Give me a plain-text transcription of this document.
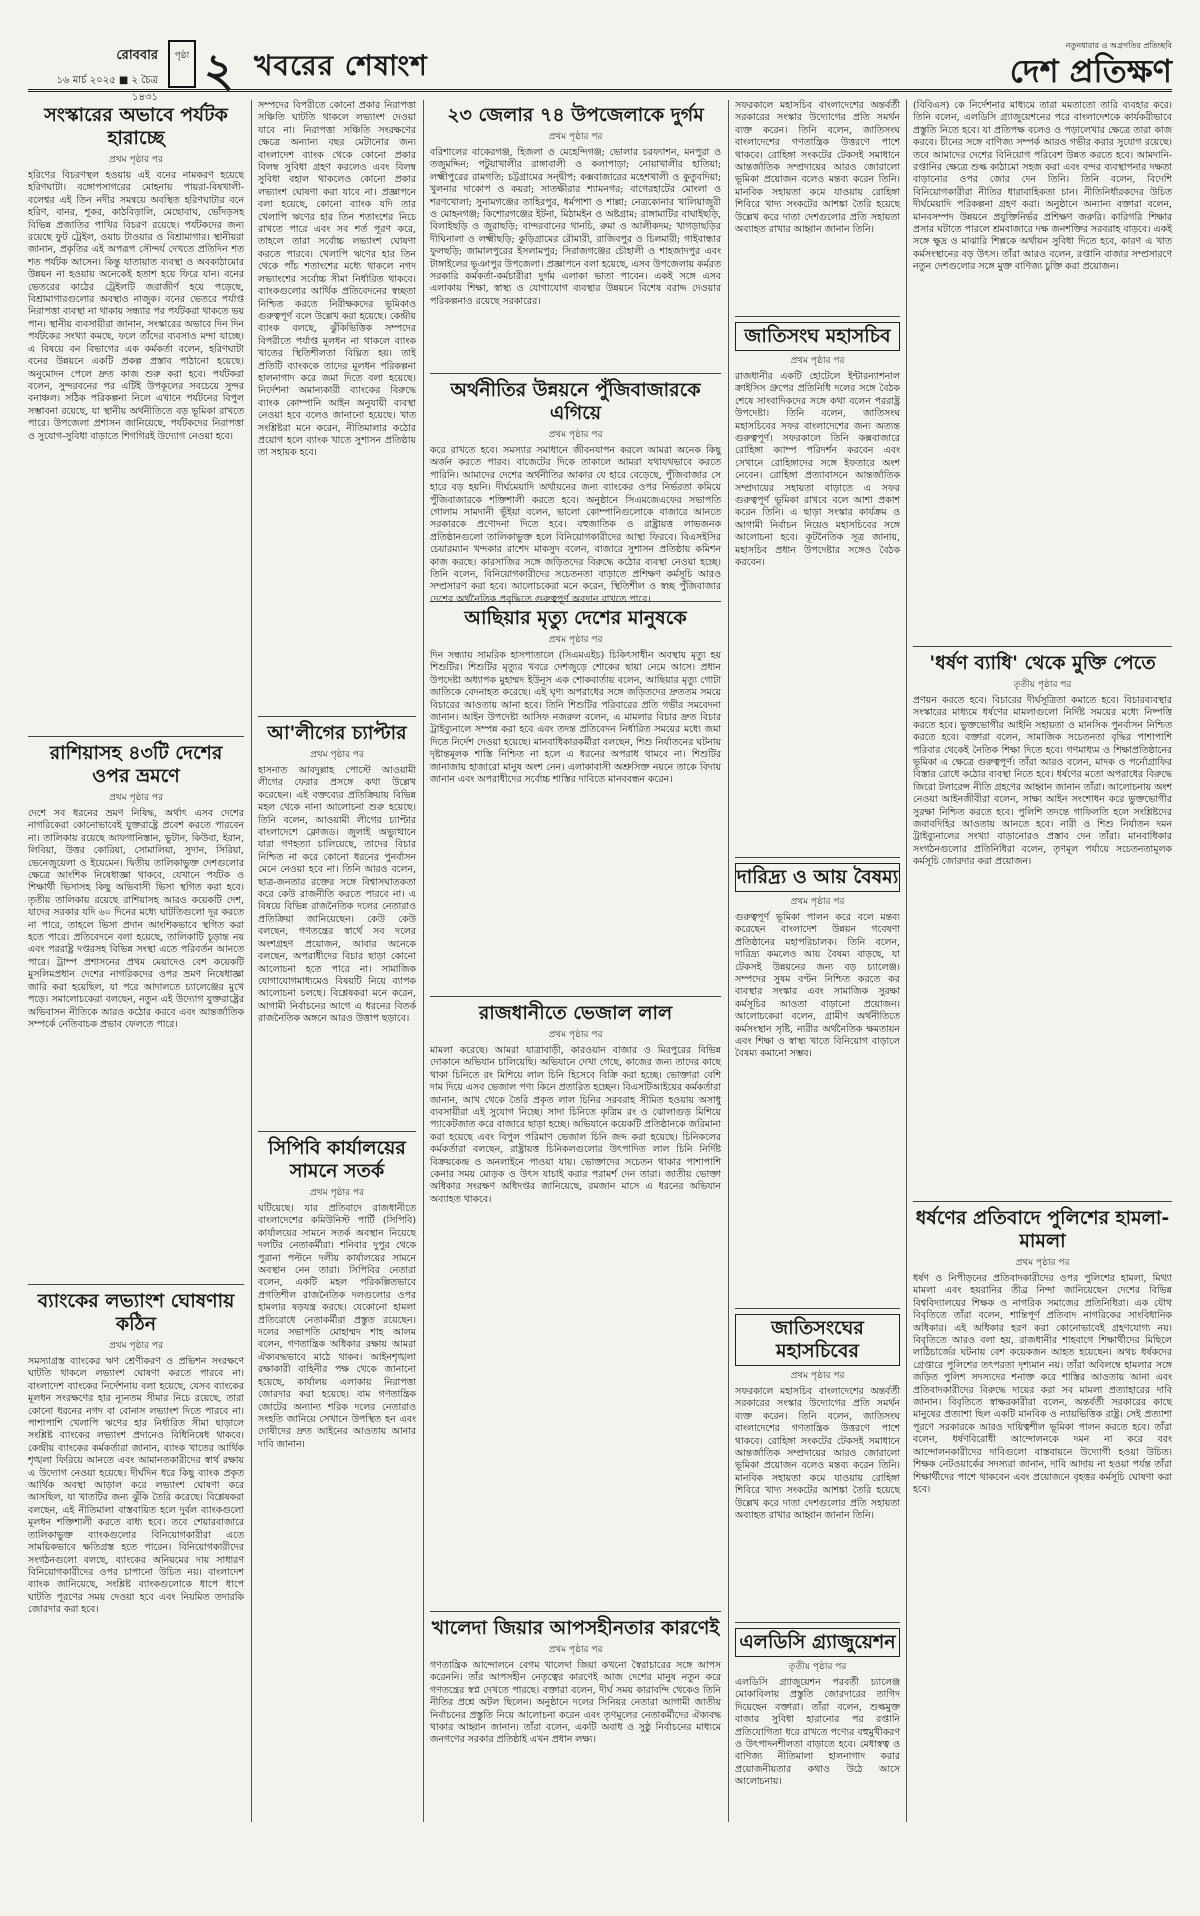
রোববার
১৬ মার্চ ২০২৫ ■ ২ চৈত্র ১৪৩১
পৃষ্ঠা ২ খবরের শেষাংশ
নতুনধারার ও অগ্রগতির প্রতিচ্ছবি
দেশ প্রতিক্ষণ
সংস্কারের অভাবে পর্যটক হারাচ্ছে
প্রথম পৃষ্ঠার পর
হরিণের বিচরণস্থল হওয়ায় এই বনের নামকরণ হয়েছে হরিণঘাটা। বঙ্গোপসাগরের মোহনায় পায়রা-বিষখালী-বলেশ্বর এই তিন নদীর সমন্বয়ে অবস্থিত হরিণঘাটার বনে হরিণ, বানর, শূকর, কাঠবিড়ালি, মেছোবাঘ, ভোঁদড়সহ বিভিন্ন প্রজাতির পাখির বিচরণ রয়েছে। পর্যটকদের জন্য রয়েছে ফুট ট্রেইল, ওয়াচ টাওয়ার ও বিশ্রামাগার। স্থানীয়রা জানান, প্রকৃতির এই অপরূপ সৌন্দর্য দেখতে প্রতিদিন শত শত পর্যটক আসেন। কিন্তু যাতায়াত ব্যবস্থা ও অবকাঠামোর উন্নয়ন না হওয়ায় অনেকেই হতাশ হয়ে ফিরে যান। বনের ভেতরের কাঠের ট্রেইলটি জরাজীর্ণ হয়ে পড়েছে, বিশ্রামাগারগুলোর অবস্থাও নাজুক। বনের ভেতরে পর্যাপ্ত নিরাপত্তা ব্যবস্থা না থাকায় সন্ধ্যার পর পর্যটকরা থাকতে ভয় পান। স্থানীয় ব্যবসায়ীরা জানান, সংস্কারের অভাবে দিন দিন পর্যটকের সংখ্যা কমছে, ফলে তাঁদের ব্যবসাও মন্দা যাচ্ছে। এ বিষয়ে বন বিভাগের এক কর্মকর্তা বলেন, হরিণঘাটা বনের উন্নয়নে একটি প্রকল্প প্রস্তাব পাঠানো হয়েছে। অনুমোদন পেলে দ্রুত কাজ শুরু করা হবে। পর্যটকরা বলেন, সুন্দরবনের পর এটিই উপকূলের সবচেয়ে সুন্দর বনাঞ্চল। সঠিক পরিকল্পনা নিলে এখানে পর্যটনের বিপুল সম্ভাবনা রয়েছে, যা স্থানীয় অর্থনীতিতে বড় ভূমিকা রাখতে পারে। উপজেলা প্রশাসন জানিয়েছে, পর্যটকদের নিরাপত্তা ও সুযোগ-সুবিধা বাড়াতে শিগগিরই উদ্যোগ নেওয়া হবে।
রাশিয়াসহ ৪৩টি দেশের ওপর ভ্রমণে
প্রথম পৃষ্ঠার পর
দেশে সব ধরনের ভ্রমণ নিষিদ্ধ, অর্থাৎ এসব দেশের নাগরিকেরা কোনোভাবেই যুক্তরাষ্ট্রে প্রবেশ করতে পারবেন না। তালিকায় রয়েছে আফগানিস্তান, ভুটান, কিউবা, ইরান, লিবিয়া, উত্তর কোরিয়া, সোমালিয়া, সুদান, সিরিয়া, ভেনেজুয়েলা ও ইয়েমেন। দ্বিতীয় তালিকাভুক্ত দেশগুলোর ক্ষেত্রে আংশিক নিষেধাজ্ঞা থাকবে, যেখানে পর্যটক ও শিক্ষার্থী ভিসাসহ কিছু অভিবাসী ভিসা স্থগিত করা হবে। তৃতীয় তালিকায় রয়েছে রাশিয়াসহ আরও কয়েকটি দেশ, যাদের সরকার যদি ৬০ দিনের মধ্যে ঘাটতিগুলো দূর করতে না পারে, তাহলে ভিসা প্রদান আংশিকভাবে স্থগিত করা হতে পারে। প্রতিবেদনে বলা হয়েছে, তালিকাটি চূড়ান্ত নয় এবং পররাষ্ট্র দপ্তরসহ বিভিন্ন সংস্থা এতে পরিবর্তন আনতে পারে। ট্রাম্প প্রশাসনের প্রথম মেয়াদেও বেশ কয়েকটি মুসলিমপ্রধান দেশের নাগরিকদের ওপর ভ্রমণ নিষেধাজ্ঞা জারি করা হয়েছিল, যা পরে আদালতে চ্যালেঞ্জের মুখে পড়ে। সমালোচকেরা বলছেন, নতুন এই উদ্যোগ যুক্তরাষ্ট্রের অভিবাসন নীতিকে আরও কঠোর করবে এবং আন্তর্জাতিক সম্পর্কে নেতিবাচক প্রভাব ফেলতে পারে।
ব্যাংকের লভ্যাংশ ঘোষণায় কঠিন
প্রথম পৃষ্ঠার পর
সমস্যাগ্রস্ত ব্যাংকের ঋণ শ্রেণীকরণ ও প্রভিশন সংরক্ষণে ঘাটতি থাকলে লভ্যাংশ ঘোষণা করতে পারবে না। বাংলাদেশ ব্যাংকের নির্দেশনায় বলা হয়েছে, যেসব ব্যাংকের মূলধন সংরক্ষণের হার ন্যূনতম সীমার নিচে রয়েছে, তারা কোনো ধরনের নগদ বা বোনাস লভ্যাংশ দিতে পারবে না। পাশাপাশি খেলাপি ঋণের হার নির্ধারিত সীমা ছাড়ালে সংশ্লিষ্ট ব্যাংকের লভ্যাংশ প্রদানেও বিধিনিষেধ থাকবে। কেন্দ্রীয় ব্যাংকের কর্মকর্তারা জানান, ব্যাংক খাতের আর্থিক শৃঙ্খলা ফিরিয়ে আনতে এবং আমানতকারীদের স্বার্থ রক্ষায় এ উদ্যোগ নেওয়া হয়েছে। দীর্ঘদিন ধরে কিছু ব্যাংক প্রকৃত আর্থিক অবস্থা আড়াল করে লভ্যাংশ ঘোষণা করে আসছিল, যা খাতটির জন্য ঝুঁকি তৈরি করেছে। বিশ্লেষকরা বলছেন, এই নীতিমালা বাস্তবায়িত হলে দুর্বল ব্যাংকগুলো মূলধন শক্তিশালী করতে বাধ্য হবে। তবে শেয়ারবাজারে তালিকাভুক্ত ব্যাংকগুলোর বিনিয়োগকারীরা এতে সাময়িকভাবে ক্ষতিগ্রস্ত হতে পারেন। বিনিয়োগকারীদের সংগঠনগুলো বলছে, ব্যাংকের অনিয়মের দায় সাধারণ বিনিয়োগকারীদের ওপর চাপানো উচিত নয়। বাংলাদেশ ব্যাংক জানিয়েছে, সংশ্লিষ্ট ব্যাংকগুলোকে ধাপে ধাপে ঘাটতি পূরণের সময় দেওয়া হবে এবং নিয়মিত তদারকি জোরদার করা হবে।
সম্পদের বিপরীতে কোনো প্রকার নিরাপত্তা সঞ্চিতি ঘাটতি থাকলে লভ্যাংশ দেওয়া যাবে না। নিরাপত্তা সঞ্চিতি সংরক্ষণের ক্ষেত্রে অন্যান্য বছর মেটানোর জন্য বাংলাদেশ ব্যাংক থেকে কোনো প্রকার বিলম্ব সুবিধা গ্রহণ করলেও এবং বিলম্ব সুবিধা বহাল থাকলেও কোনো প্রকার লভ্যাংশ ঘোষণা করা যাবে না। প্রজ্ঞাপনে বলা হয়েছে, কোনো ব্যাংক যদি তার খেলাপি ঋণের হার তিন শতাংশের নিচে রাখতে পারে এবং সব শর্ত পূরণ করে, তাহলে তারা সর্বোচ্চ লভ্যাংশ ঘোষণা করতে পারবে। খেলাপি ঋণের হার তিন থেকে পাঁচ শতাংশের মধ্যে থাকলে নগদ লভ্যাংশের সর্বোচ্চ সীমা নির্ধারিত থাকবে। ব্যাংকগুলোর আর্থিক প্রতিবেদনের স্বচ্ছতা নিশ্চিত করতে নিরীক্ষকদের ভূমিকাও গুরুত্বপূর্ণ বলে উল্লেখ করা হয়েছে। কেন্দ্রীয় ব্যাংক বলছে, ঝুঁকিভিত্তিক সম্পদের বিপরীতে পর্যাপ্ত মূলধন না থাকলে ব্যাংক খাতের স্থিতিশীলতা বিঘ্নিত হয়। তাই প্রতিটি ব্যাংককে তাদের মূলধন পরিকল্পনা হালনাগাদ করে জমা দিতে বলা হয়েছে। নির্দেশনা অমান্যকারী ব্যাংকের বিরুদ্ধে ব্যাংক কোম্পানি আইন অনুযায়ী ব্যবস্থা নেওয়া হবে বলেও জানানো হয়েছে। খাত সংশ্লিষ্টরা মনে করেন, নীতিমালার কঠোর প্রয়োগ হলে ব্যাংক খাতে সুশাসন প্রতিষ্ঠায় তা সহায়ক হবে।
আ'লীগের চ্যাপ্টার
প্রথম পৃষ্ঠার পর
হাসনাত আবদুল্লাহ পোস্টে আওয়ামী লীগের ফেরার প্রসঙ্গে কথা উল্লেখ করেছেন। এই বক্তব্যের প্রতিক্রিয়ায় বিভিন্ন মহল থেকে নানা আলোচনা শুরু হয়েছে। তিনি বলেন, আওয়ামী লীগের চ্যাপ্টার বাংলাদেশে ক্লোজড। জুলাই অভ্যুত্থানে যারা গণহত্যা চালিয়েছে, তাদের বিচার নিশ্চিত না করে কোনো ধরনের পুনর্বাসন মেনে নেওয়া হবে না। তিনি আরও বলেন, ছাত্র-জনতার রক্তের সঙ্গে বিশ্বাসঘাতকতা করে কেউ রাজনীতি করতে পারবে না। এ বিষয়ে বিভিন্ন রাজনৈতিক দলের নেতারাও প্রতিক্রিয়া জানিয়েছেন। কেউ কেউ বলছেন, গণতন্ত্রের স্বার্থে সব দলের অংশগ্রহণ প্রয়োজন, আবার অনেকে বলছেন, অপরাধীদের বিচার ছাড়া কোনো আলোচনা হতে পারে না। সামাজিক যোগাযোগমাধ্যমেও বিষয়টি নিয়ে ব্যাপক আলোচনা চলছে। বিশ্লেষকরা মনে করেন, আগামী নির্বাচনের আগে এ ধরনের বিতর্ক রাজনৈতিক অঙ্গনে আরও উত্তাপ ছড়াবে।
সিপিবি কার্যালয়ের সামনে সতর্ক
প্রথম পৃষ্ঠার পর
ঘটিয়েছে। যার প্রতিবাদে রাজধানীতে বাংলাদেশের কমিউনিস্ট পার্টি (সিপিবি) কার্যালয়ের সামনে সতর্ক অবস্থান নিয়েছে দলটির নেতাকর্মীরা। শনিবার দুপুর থেকে পুরানা পল্টনে দলীয় কার্যালয়ের সামনে অবস্থান নেন তারা। সিপিবির নেতারা বলেন, একটি মহল পরিকল্পিতভাবে প্রগতিশীল রাজনৈতিক দলগুলোর ওপর হামলার ষড়যন্ত্র করছে। যেকোনো হামলা প্রতিরোধে নেতাকর্মীরা প্রস্তুত রয়েছেন। দলের সভাপতি মোহাম্মদ শাহ আলম বলেন, গণতান্ত্রিক অধিকার রক্ষায় আমরা ঐক্যবদ্ধভাবে মাঠে থাকব। আইনশৃঙ্খলা রক্ষাকারী বাহিনীর পক্ষ থেকে জানানো হয়েছে, কার্যালয় এলাকায় নিরাপত্তা জোরদার করা হয়েছে। বাম গণতান্ত্রিক জোটের অন্যান্য শরিক দলের নেতারাও সংহতি জানিয়ে সেখানে উপস্থিত হন এবং দোষীদের দ্রুত আইনের আওতায় আনার দাবি জানান।
২৩ জেলার ৭৪ উপজেলাকে দুর্গম
প্রথম পৃষ্ঠার পর
বরিশালের বাকেরগঞ্জ, হিজলা ও মেহেন্দিগঞ্জ; ভোলার চরফ্যাশন, মনপুরা ও তজুমদ্দিন; পটুয়াখালীর রাঙ্গাবালী ও কলাপাড়া; নোয়াখালীর হাতিয়া; লক্ষ্মীপুরের রামগতি; চট্টগ্রামের সন্দ্বীপ; কক্সবাজারের মহেশখালী ও কুতুবদিয়া; খুলনার দাকোপ ও কয়রা; সাতক্ষীরার শ্যামনগর; বাগেরহাটের মোংলা ও শরণখোলা; সুনামগঞ্জের তাহিরপুর, ধর্মপাশা ও শাল্লা; নেত্রকোনার খালিয়াজুরী ও মোহনগঞ্জ; কিশোরগঞ্জের ইটনা, মিঠামইন ও অষ্টগ্রাম; রাঙ্গামাটির বাঘাইছড়ি, বিলাইছড়ি ও জুরাছড়ি; বান্দরবানের থানচি, রুমা ও আলীকদম; খাগড়াছড়ির দীঘিনালা ও লক্ষ্মীছড়ি; কুড়িগ্রামের রৌমারী, রাজিবপুর ও চিলমারী; গাইবান্ধার ফুলছড়ি; জামালপুরের ইসলামপুর; সিরাজগঞ্জের চৌহালী ও শাহজাদপুর এবং টাঙ্গাইলের ভূঞাপুর উপজেলা। প্রজ্ঞাপনে বলা হয়েছে, এসব উপজেলায় কর্মরত সরকারি কর্মকর্তা-কর্মচারীরা দুর্গম এলাকা ভাতা পাবেন। একই সঙ্গে এসব এলাকায় শিক্ষা, স্বাস্থ্য ও যোগাযোগ ব্যবস্থার উন্নয়নে বিশেষ বরাদ্দ দেওয়ার পরিকল্পনাও রয়েছে সরকারের।
অর্থনীতির উন্নয়নে পুঁজিবাজারকে এগিয়ে
প্রথম পৃষ্ঠার পর
করে রাখতে হবে। সমস্যার সমাধানে জীবনযাপন করলে আমরা অনেক কিছু অর্জন করতে পারব। বাজেটের দিকে তাকালে আমরা যথাযথভাবে করতে পারিনি। আমাদের দেশের অর্থনীতির আকার যে হারে বেড়েছে, পুঁজিবাজার সে হারে বড় হয়নি। দীর্ঘমেয়াদি অর্থায়নের জন্য ব্যাংকের ওপর নির্ভরতা কমিয়ে পুঁজিবাজারকে শক্তিশালী করতে হবে। অনুষ্ঠানে সিএমজেএফের সভাপতি গোলাম সামদানী ভূঁইয়া বলেন, ভালো কোম্পানিগুলোকে বাজারে আনতে সরকারকে প্রণোদনা দিতে হবে। বহুজাতিক ও রাষ্ট্রায়ত্ত লাভজনক প্রতিষ্ঠানগুলো তালিকাভুক্ত হলে বিনিয়োগকারীদের আস্থা ফিরবে। বিএসইসির চেয়ারম্যান খন্দকার রাশেদ মাকসুদ বলেন, বাজারে সুশাসন প্রতিষ্ঠায় কমিশন কাজ করছে। কারসাজির সঙ্গে জড়িতদের বিরুদ্ধে কঠোর ব্যবস্থা নেওয়া হচ্ছে। তিনি বলেন, বিনিয়োগকারীদের সচেতনতা বাড়াতে প্রশিক্ষণ কর্মসূচি আরও সম্প্রসারণ করা হবে। আলোচকেরা মনে করেন, স্থিতিশীল ও স্বচ্ছ পুঁজিবাজার দেশের অর্থনৈতিক প্রবৃদ্ধিতে গুরুত্বপূর্ণ অবদান রাখতে পারে।
আছিয়ার মৃত্যু দেশের মানুষকে
প্রথম পৃষ্ঠার পর
দিন সন্ধ্যায় সামরিক হাসপাতালে (সিএমএইচ) চিকিৎসাধীন অবস্থায় মৃত্যু হয় শিশুটির। শিশুটির মৃত্যুর খবরে দেশজুড়ে শোকের ছায়া নেমে আসে। প্রধান উপদেষ্টা অধ্যাপক মুহাম্মদ ইউনূস এক শোকবার্তায় বলেন, আছিয়ার মৃত্যু গোটা জাতিকে বেদনাহত করেছে। এই ঘৃণ্য অপরাধের সঙ্গে জড়িতদের দ্রুততম সময়ে বিচারের আওতায় আনা হবে। তিনি শিশুটির পরিবারের প্রতি গভীর সমবেদনা জানান। আইন উপদেষ্টা আসিফ নজরুল বলেন, এ মামলার বিচার দ্রুত বিচার ট্রাইব্যুনালে সম্পন্ন করা হবে এবং তদন্ত প্রতিবেদন নির্ধারিত সময়ের মধ্যে জমা দিতে নির্দেশ দেওয়া হয়েছে। মানবাধিকারকর্মীরা বলছেন, শিশু নির্যাতনের ঘটনায় দৃষ্টান্তমূলক শাস্তি নিশ্চিত না হলে এ ধরনের অপরাধ থামবে না। শিশুটির জানাজায় হাজারো মানুষ অংশ নেন। এলাকাবাসী অশ্রুসিক্ত নয়নে তাকে বিদায় জানান এবং অপরাধীদের সর্বোচ্চ শাস্তির দাবিতে মানববন্ধন করেন।
রাজধানীতে ভেজাল লাল
প্রথম পৃষ্ঠার পর
মামলা করেছে। আমরা যাত্রাবাড়ী, কারওয়ান বাজার ও মিরপুরের বিভিন্ন দোকানে অভিযান চালিয়েছি। অভিযানে দেখা গেছে, কাজের জন্য তাদের কাছে থাকা চিনিতে রং মিশিয়ে লাল চিনি হিসেবে বিক্রি করা হচ্ছে। ভোক্তারা বেশি দাম দিয়ে এসব ভেজাল পণ্য কিনে প্রতারিত হচ্ছেন। বিএসটিআইয়ের কর্মকর্তারা জানান, আখ থেকে তৈরি প্রকৃত লাল চিনির সরবরাহ সীমিত হওয়ায় অসাধু ব্যবসায়ীরা এই সুযোগ নিচ্ছে। সাদা চিনিতে কৃত্রিম রং ও ঝোলাগুড় মিশিয়ে প্যাকেটজাত করে বাজারে ছাড়া হচ্ছে। অভিযানে কয়েকটি প্রতিষ্ঠানকে জরিমানা করা হয়েছে এবং বিপুল পরিমাণ ভেজাল চিনি জব্দ করা হয়েছে। চিনিকলের কর্মকর্তারা বলছেন, রাষ্ট্রায়ত্ত চিনিকলগুলোর উৎপাদিত লাল চিনি নির্দিষ্ট বিক্রয়কেন্দ্র ও অনলাইনে পাওয়া যায়। ভোক্তাদের সচেতন থাকার পাশাপাশি কেনার সময় মোড়ক ও উৎস যাচাই করার পরামর্শ দেন তারা। জাতীয় ভোক্তা অধিকার সংরক্ষণ অধিদপ্তর জানিয়েছে, রমজান মাসে এ ধরনের অভিযান অব্যাহত থাকবে।
খালেদা জিয়ার আপসহীনতার কারণেই
প্রথম পৃষ্ঠার পর
গণতান্ত্রিক আন্দোলনে বেগম খালেদা জিয়া কখনো স্বৈরাচারের সঙ্গে আপস করেননি। তাঁর আপসহীন নেতৃত্বের কারণেই আজ দেশের মানুষ নতুন করে গণতন্ত্রের স্বপ্ন দেখতে পারছে। বক্তারা বলেন, দীর্ঘ সময় কারাবন্দি থেকেও তিনি নীতির প্রশ্নে অটল ছিলেন। অনুষ্ঠানে দলের সিনিয়র নেতারা আগামী জাতীয় নির্বাচনের প্রস্তুতি নিয়ে আলোচনা করেন এবং তৃণমূলের নেতাকর্মীদের ঐক্যবদ্ধ থাকার আহ্বান জানান। তাঁরা বলেন, একটি অবাধ ও সুষ্ঠু নির্বাচনের মাধ্যমে জনগণের সরকার প্রতিষ্ঠাই এখন প্রধান লক্ষ্য।
সফরকালে মহাসচিব বাংলাদেশের অন্তর্বর্তী সরকারের সংস্কার উদ্যোগের প্রতি সমর্থন ব্যক্ত করেন। তিনি বলেন, জাতিসংঘ বাংলাদেশের গণতান্ত্রিক উত্তরণে পাশে থাকবে। রোহিঙ্গা সংকটের টেকসই সমাধানে আন্তর্জাতিক সম্প্রদায়ের আরও জোরালো ভূমিকা প্রয়োজন বলেও মন্তব্য করেন তিনি। মানবিক সহায়তা কমে যাওয়ায় রোহিঙ্গা শিবিরে খাদ্য সংকটের আশঙ্কা তৈরি হয়েছে উল্লেখ করে দাতা দেশগুলোর প্রতি সহায়তা অব্যাহত রাখার আহ্বান জানান তিনি।
জাতিসংঘ মহাসচিব
প্রথম পৃষ্ঠার পর
রাজধানীর একটি হোটেলে ইন্টারন্যাশনাল ক্রাইসিস গ্রুপের প্রতিনিধি দলের সঙ্গে বৈঠক শেষে সাংবাদিকদের সঙ্গে কথা বলেন পররাষ্ট্র উপদেষ্টা। তিনি বলেন, জাতিসংঘ মহাসচিবের সফর বাংলাদেশের জন্য অত্যন্ত গুরুত্বপূর্ণ। সফরকালে তিনি কক্সবাজারে রোহিঙ্গা ক্যাম্প পরিদর্শন করবেন এবং সেখানে রোহিঙ্গাদের সঙ্গে ইফতারে অংশ নেবেন। রোহিঙ্গা প্রত্যাবাসনে আন্তর্জাতিক সম্প্রদায়ের সহায়তা বাড়াতে এ সফর গুরুত্বপূর্ণ ভূমিকা রাখবে বলে আশা প্রকাশ করেন তিনি। এ ছাড়া সংস্কার কার্যক্রম ও আগামী নির্বাচন নিয়েও মহাসচিবের সঙ্গে আলোচনা হবে। কূটনৈতিক সূত্র জানায়, মহাসচিব প্রধান উপদেষ্টার সঙ্গেও বৈঠক করবেন।
দারিদ্র্য ও আয় বৈষম্য
প্রথম পৃষ্ঠার পর
গুরুত্বপূর্ণ ভূমিকা পালন করে বলে মন্তব্য করেছেন বাংলাদেশ উন্নয়ন গবেষণা প্রতিষ্ঠানের মহাপরিচালক। তিনি বলেন, দারিদ্র্য কমলেও আয় বৈষম্য বাড়ছে, যা টেকসই উন্নয়নের জন্য বড় চ্যালেঞ্জ। সম্পদের সুষম বণ্টন নিশ্চিত করতে কর ব্যবস্থার সংস্কার এবং সামাজিক সুরক্ষা কর্মসূচির আওতা বাড়ানো প্রয়োজন। আলোচকেরা বলেন, গ্রামীণ অর্থনীতিতে কর্মসংস্থান সৃষ্টি, নারীর অর্থনৈতিক ক্ষমতায়ন এবং শিক্ষা ও স্বাস্থ্য খাতে বিনিয়োগ বাড়ালে বৈষম্য কমানো সম্ভব।
জাতিসংঘের মহাসচিবের
প্রথম পৃষ্ঠার পর
সফরকালে মহাসচিব বাংলাদেশের অন্তর্বর্তী সরকারের সংস্কার উদ্যোগের প্রতি সমর্থন ব্যক্ত করেন। তিনি বলেন, জাতিসংঘ বাংলাদেশের গণতান্ত্রিক উত্তরণে পাশে থাকবে। রোহিঙ্গা সংকটের টেকসই সমাধানে আন্তর্জাতিক সম্প্রদায়ের আরও জোরালো ভূমিকা প্রয়োজন বলেও মন্তব্য করেন তিনি। মানবিক সহায়তা কমে যাওয়ায় রোহিঙ্গা শিবিরে খাদ্য সংকটের আশঙ্কা তৈরি হয়েছে উল্লেখ করে দাতা দেশগুলোর প্রতি সহায়তা অব্যাহত রাখার আহ্বান জানান তিনি।
এলডিসি গ্র্যাজুয়েশন
তৃতীয় পৃষ্ঠার পর
এলডিসি গ্র্যাজুয়েশন পরবর্তী চ্যালেঞ্জ মোকাবিলায় প্রস্তুতি জোরদারের তাগিদ দিয়েছেন বক্তারা। তাঁরা বলেন, শুল্কমুক্ত বাজার সুবিধা হারানোর পর রপ্তানি প্রতিযোগিতা ধরে রাখতে পণ্যের বহুমুখীকরণ ও উৎপাদনশীলতা বাড়াতে হবে। মেধাস্বত্ব ও বাণিজ্য নীতিমালা হালনাগাদ করার প্রয়োজনীয়তার কথাও উঠে আসে আলোচনায়।
(বিবিএস) কে নির্দেশনার মাধ্যমে তারা মমতাতো তারি ব্যবহার করে। তিনি বলেন, এলডিসি গ্র্যাজুয়েশনের পরে বাংলাদেশকে কার্যকরীভাবে প্রস্তুতি নিতে হবে। যা প্রতিপক্ষ বলেও ও পড়ালেখার ক্ষেত্রে তারা কাজ করবে। চীনের সঙ্গে বাণিজ্য সম্পর্ক আরও গভীর করার সুযোগ রয়েছে। তবে আমাদের দেশের বিনিয়োগ পরিবেশ উন্নত করতে হবে। আমদানি-রপ্তানির ক্ষেত্রে শুল্ক কাঠামো সহজ করা এবং বন্দর ব্যবস্থাপনার দক্ষতা বাড়ানোর ওপর জোর দেন তিনি। তিনি বলেন, বিদেশি বিনিয়োগকারীরা নীতির ধারাবাহিকতা চান। নীতিনির্ধারকদের উচিত দীর্ঘমেয়াদি পরিকল্পনা গ্রহণ করা। অনুষ্ঠানে অন্যান্য বক্তারা বলেন, মানবসম্পদ উন্নয়নে প্রযুক্তিনির্ভর প্রশিক্ষণ জরুরি। কারিগরি শিক্ষার প্রসার ঘটাতে পারলে শ্রমবাজারে দক্ষ জনশক্তির সরবরাহ বাড়বে। একই সঙ্গে ক্ষুদ্র ও মাঝারি শিল্পকে অর্থায়ন সুবিধা দিতে হবে, কারণ এ খাত কর্মসংস্থানের বড় উৎস। তাঁরা আরও বলেন, রপ্তানি বাজার সম্প্রসারণে নতুন দেশগুলোর সঙ্গে মুক্ত বাণিজ্য চুক্তি করা প্রয়োজন।
'ধর্ষণ ব্যাধি' থেকে মুক্তি পেতে
তৃতীয় পৃষ্ঠার পর
প্রণয়ন করতে হবে। বিচারের দীর্ঘসূত্রিতা কমাতে হবে। বিচারব্যবস্থার সংস্কারের মাধ্যমে ধর্ষণের মামলাগুলো নির্দিষ্ট সময়ের মধ্যে নিষ্পত্তি করতে হবে। ভুক্তভোগীর আইনি সহায়তা ও মানসিক পুনর্বাসন নিশ্চিত করতে হবে। বক্তারা বলেন, সামাজিক সচেতনতা বৃদ্ধির পাশাপাশি পরিবার থেকেই নৈতিক শিক্ষা দিতে হবে। গণমাধ্যম ও শিক্ষাপ্রতিষ্ঠানের ভূমিকা এ ক্ষেত্রে গুরুত্বপূর্ণ। তাঁরা আরও বলেন, মাদক ও পর্নোগ্রাফির বিস্তার রোধে কঠোর ব্যবস্থা নিতে হবে। ধর্ষণের মতো অপরাধের বিরুদ্ধে জিরো টলারেন্স নীতি গ্রহণের আহ্বান জানান তাঁরা। আলোচনায় অংশ নেওয়া আইনজীবীরা বলেন, সাক্ষ্য আইন সংশোধন করে ভুক্তভোগীর সুরক্ষা নিশ্চিত করতে হবে। পুলিশি তদন্তে গাফিলতি হলে সংশ্লিষ্টদের জবাবদিহির আওতায় আনতে হবে। নারী ও শিশু নির্যাতন দমন ট্রাইব্যুনালের সংখ্যা বাড়ানোরও প্রস্তাব দেন তাঁরা। মানবাধিকার সংগঠনগুলোর প্রতিনিধিরা বলেন, তৃণমূল পর্যায়ে সচেতনতামূলক কর্মসূচি জোরদার করা প্রয়োজন।
ধর্ষণের প্রতিবাদে পুলিশের হামলা-মামলা
প্রথম পৃষ্ঠার পর
ধর্ষণ ও নিপীড়নের প্রতিবাদকারীদের ওপর পুলিশের হামলা, মিথ্যা মামলা এবং হয়রানির তীব্র নিন্দা জানিয়েছেন দেশের বিভিন্ন বিশ্ববিদ্যালয়ের শিক্ষক ও নাগরিক সমাজের প্রতিনিধিরা। এক যৌথ বিবৃতিতে তাঁরা বলেন, শান্তিপূর্ণ প্রতিবাদ নাগরিকের সাংবিধানিক অধিকার। এই অধিকার হরণ করা কোনোভাবেই গ্রহণযোগ্য নয়। বিবৃতিতে আরও বলা হয়, রাজধানীর শাহবাগে শিক্ষার্থীদের মিছিলে লাঠিচার্জের ঘটনায় বেশ কয়েকজন আহত হয়েছেন। অথচ ধর্ষকদের গ্রেপ্তারে পুলিশের তৎপরতা দৃশ্যমান নয়। তাঁরা অবিলম্বে হামলার সঙ্গে জড়িত পুলিশ সদস্যদের শনাক্ত করে শাস্তির আওতায় আনা এবং প্রতিবাদকারীদের বিরুদ্ধে দায়ের করা সব মামলা প্রত্যাহারের দাবি জানান। বিবৃতিতে স্বাক্ষরকারীরা বলেন, অন্তর্বর্তী সরকারের কাছে মানুষের প্রত্যাশা ছিল একটি মানবিক ও ন্যায়ভিত্তিক রাষ্ট্র। সেই প্রত্যাশা পূরণে সরকারকে আরও দায়িত্বশীল ভূমিকা পালন করতে হবে। তাঁরা বলেন, ধর্ষণবিরোধী আন্দোলনকে দমন না করে বরং আন্দোলনকারীদের দাবিগুলো বাস্তবায়নে উদ্যোগী হওয়া উচিত। শিক্ষক নেটওয়ার্কের সদস্যরা জানান, দাবি আদায় না হওয়া পর্যন্ত তাঁরা শিক্ষার্থীদের পাশে থাকবেন এবং প্রয়োজনে বৃহত্তর কর্মসূচি ঘোষণা করা হবে।
